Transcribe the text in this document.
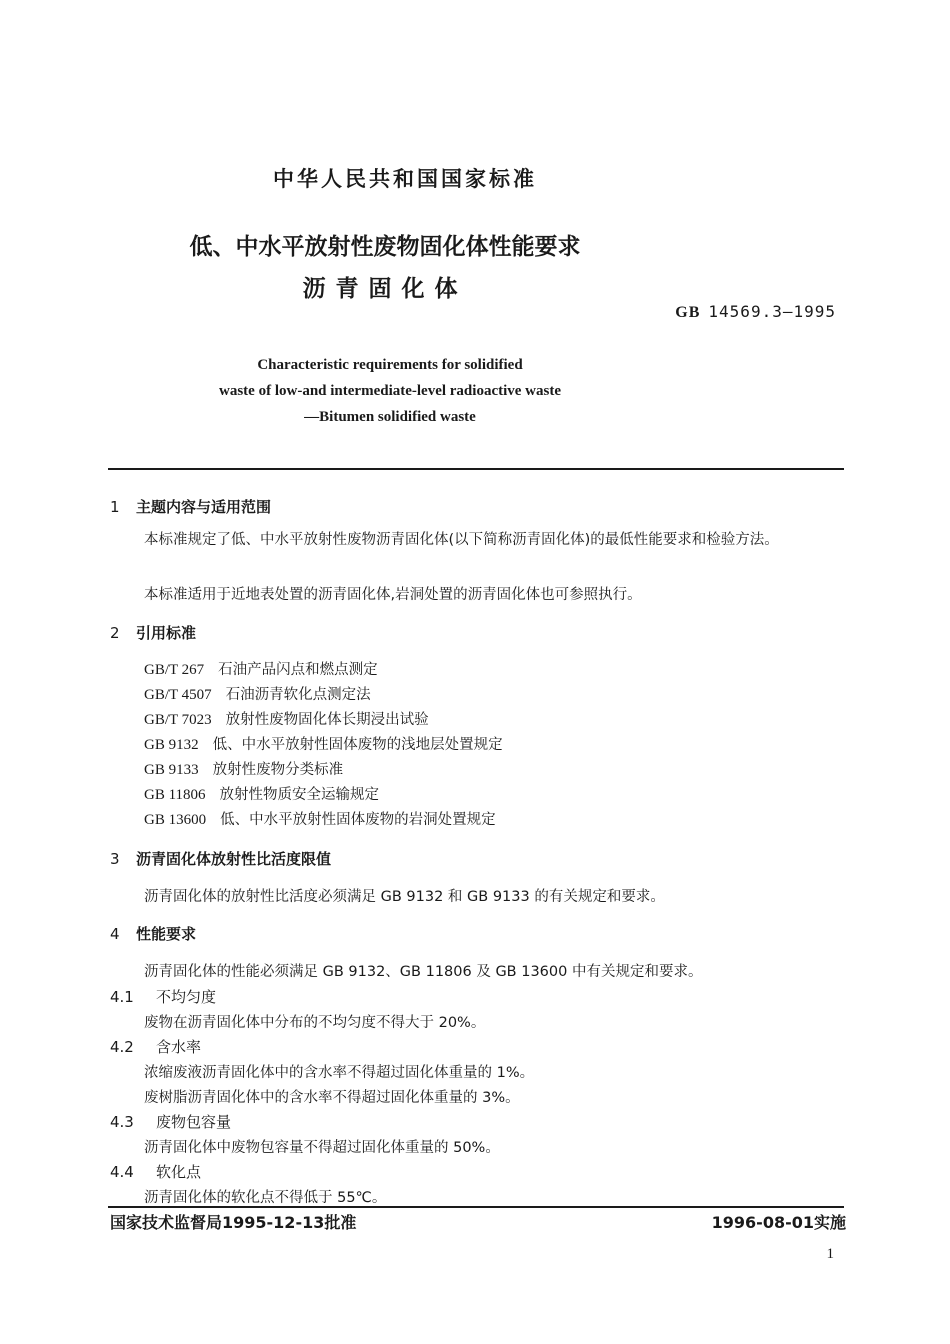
中华人民共和国国家标准
低、中水平放射性废物固化体性能要求
沥青固化体
GB 14569.3—1995
Characteristic requirements for solidified
waste of low-and intermediate-level radioactive waste
—Bitumen solidified waste
1 主题内容与适用范围
本标准规定了低、中水平放射性废物沥青固化体(以下简称沥青固化体)的最低性能要求和检验方法。
本标准适用于近地表处置的沥青固化体,岩洞处置的沥青固化体也可参照执行。
2 引用标准
GB/T 267 石油产品闪点和燃点测定
GB/T 4507 石油沥青软化点测定法
GB/T 7023 放射性废物固化体长期浸出试验
GB 9132 低、中水平放射性固体废物的浅地层处置规定
GB 9133 放射性废物分类标准
GB 11806 放射性物质安全运输规定
GB 13600 低、中水平放射性固体废物的岩洞处置规定
3 沥青固化体放射性比活度限值
沥青固化体的放射性比活度必须满足 GB 9132 和 GB 9133 的有关规定和要求。
4 性能要求
沥青固化体的性能必须满足 GB 9132、GB 11806 及 GB 13600 中有关规定和要求。
4.1 不均匀度
废物在沥青固化体中分布的不均匀度不得大于 20%。
4.2 含水率
浓缩废液沥青固化体中的含水率不得超过固化体重量的 1%。
废树脂沥青固化体中的含水率不得超过固化体重量的 3%。
4.3 废物包容量
沥青固化体中废物包容量不得超过固化体重量的 50%。
4.4 软化点
沥青固化体的软化点不得低于 55℃。
国家技术监督局1995-12-13批准	1996-08-01实施
1
